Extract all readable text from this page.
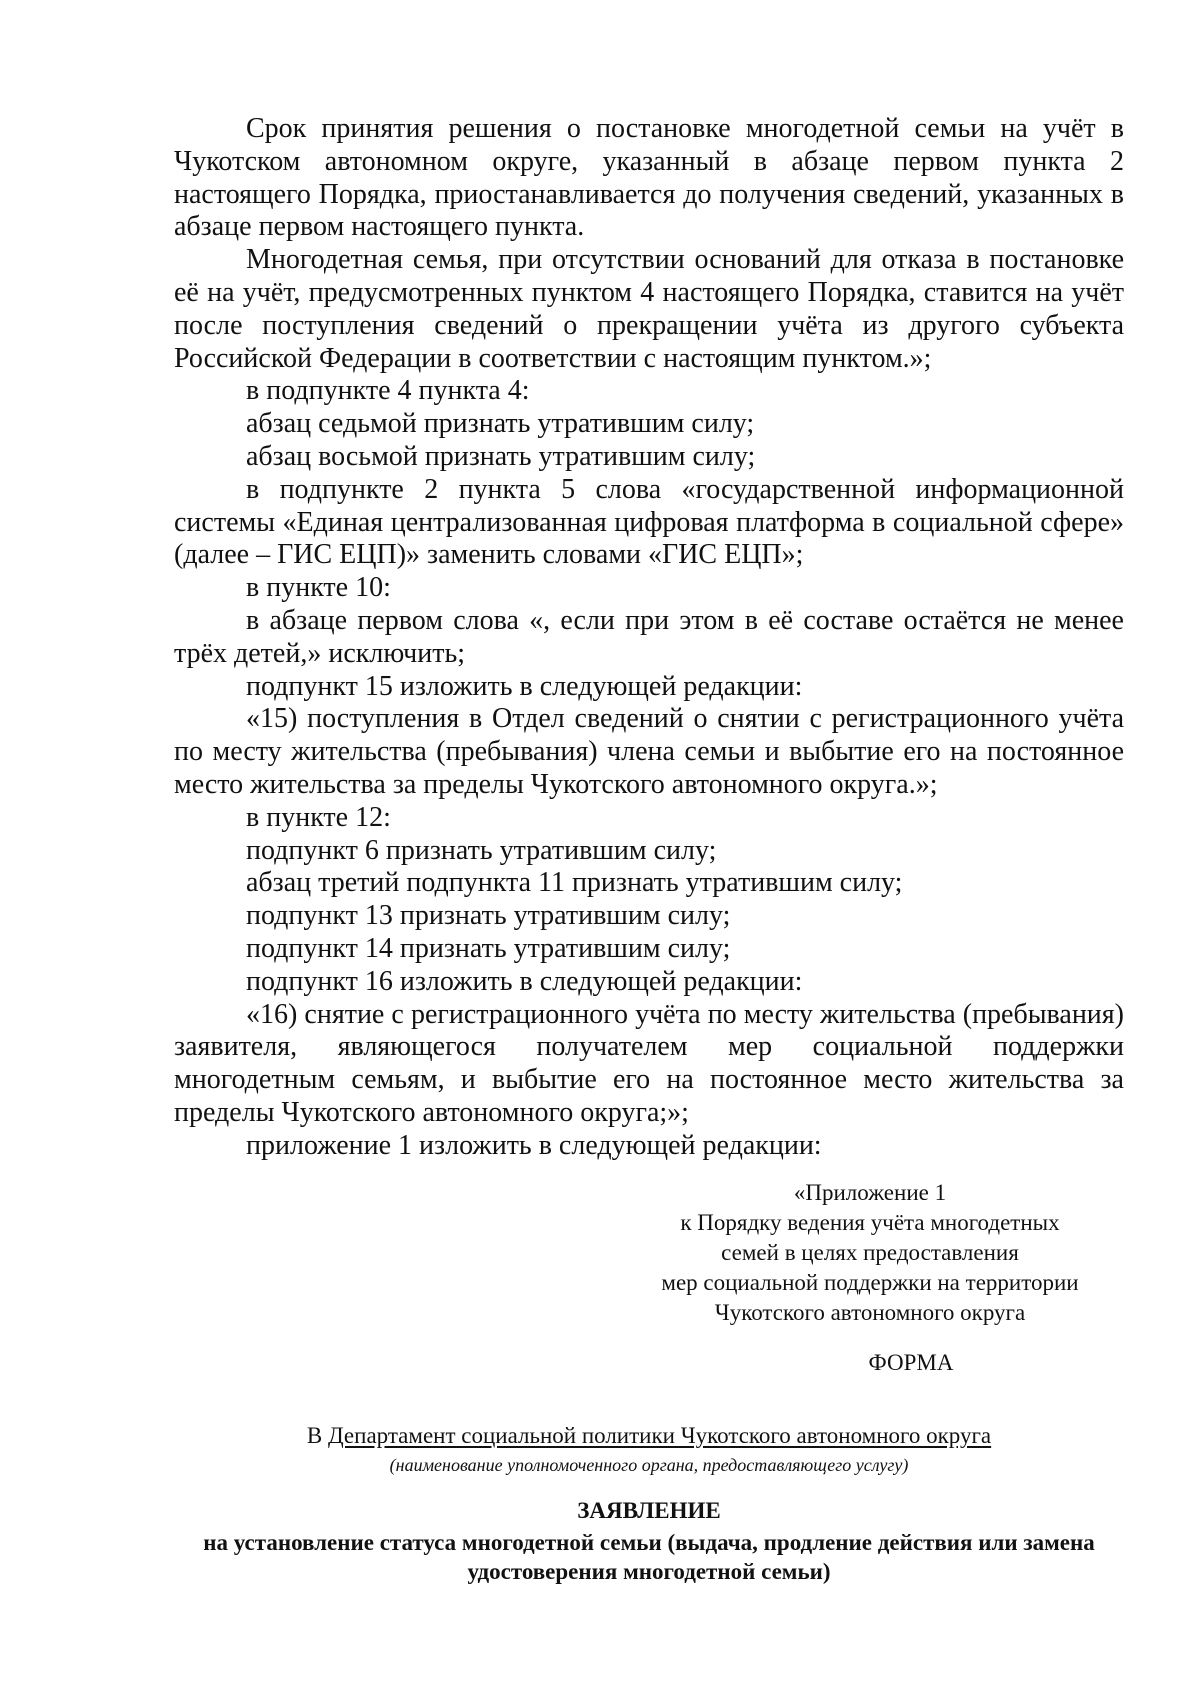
Срок принятия решения о постановке многодетной семьи на учёт в Чукотском автономном округе, указанный в абзаце первом пункта 2 настоящего Порядка, приостанавливается до получения сведений, указанных в абзаце первом настоящего пункта.

Многодетная семья, при отсутствии оснований для отказа в постановке её на учёт, предусмотренных пунктом 4 настоящего Порядка, ставится на учёт после поступления сведений о прекращении учёта из другого субъекта Российской Федерации в соответствии с настоящим пунктом.»;

в подпункте 4 пункта 4:

абзац седьмой признать утратившим силу;

абзац восьмой признать утратившим силу;

в подпункте 2 пункта 5 слова «государственной информационной системы «Единая централизованная цифровая платформа в социальной сфере» (далее – ГИС ЕЦП)» заменить словами «ГИС ЕЦП»;

в пункте 10:

в абзаце первом слова «, если при этом в её составе остаётся не менее трёх детей,» исключить;

подпункт 15 изложить в следующей редакции:

«15) поступления в Отдел сведений о снятии с регистрационного учёта по месту жительства (пребывания) члена семьи и выбытие его на постоянное место жительства за пределы Чукотского автономного округа.»;

в пункте 12:

подпункт 6 признать утратившим силу;

абзац третий подпункта 11 признать утратившим силу;

подпункт 13 признать утратившим силу;

подпункт 14 признать утратившим силу;

подпункт 16 изложить в следующей редакции:

«16) снятие с регистрационного учёта по месту жительства (пребывания) заявителя, являющегося получателем мер социальной поддержки многодетным семьям, и выбытие его на постоянное место жительства за пределы Чукотского автономного округа;»;

приложение 1 изложить в следующей редакции:

«Приложение 1
к Порядку ведения учёта многодетных
семей в целях предоставления
мер социальной поддержки на территории
Чукотского автономного округа
ФОРМА
В Департамент социальной политики Чукотского автономного округа
(наименование уполномоченного органа, предоставляющего услугу)
ЗАЯВЛЕНИЕ
на установление статуса многодетной семьи (выдача, продление действия или замена
удостоверения многодетной семьи)
